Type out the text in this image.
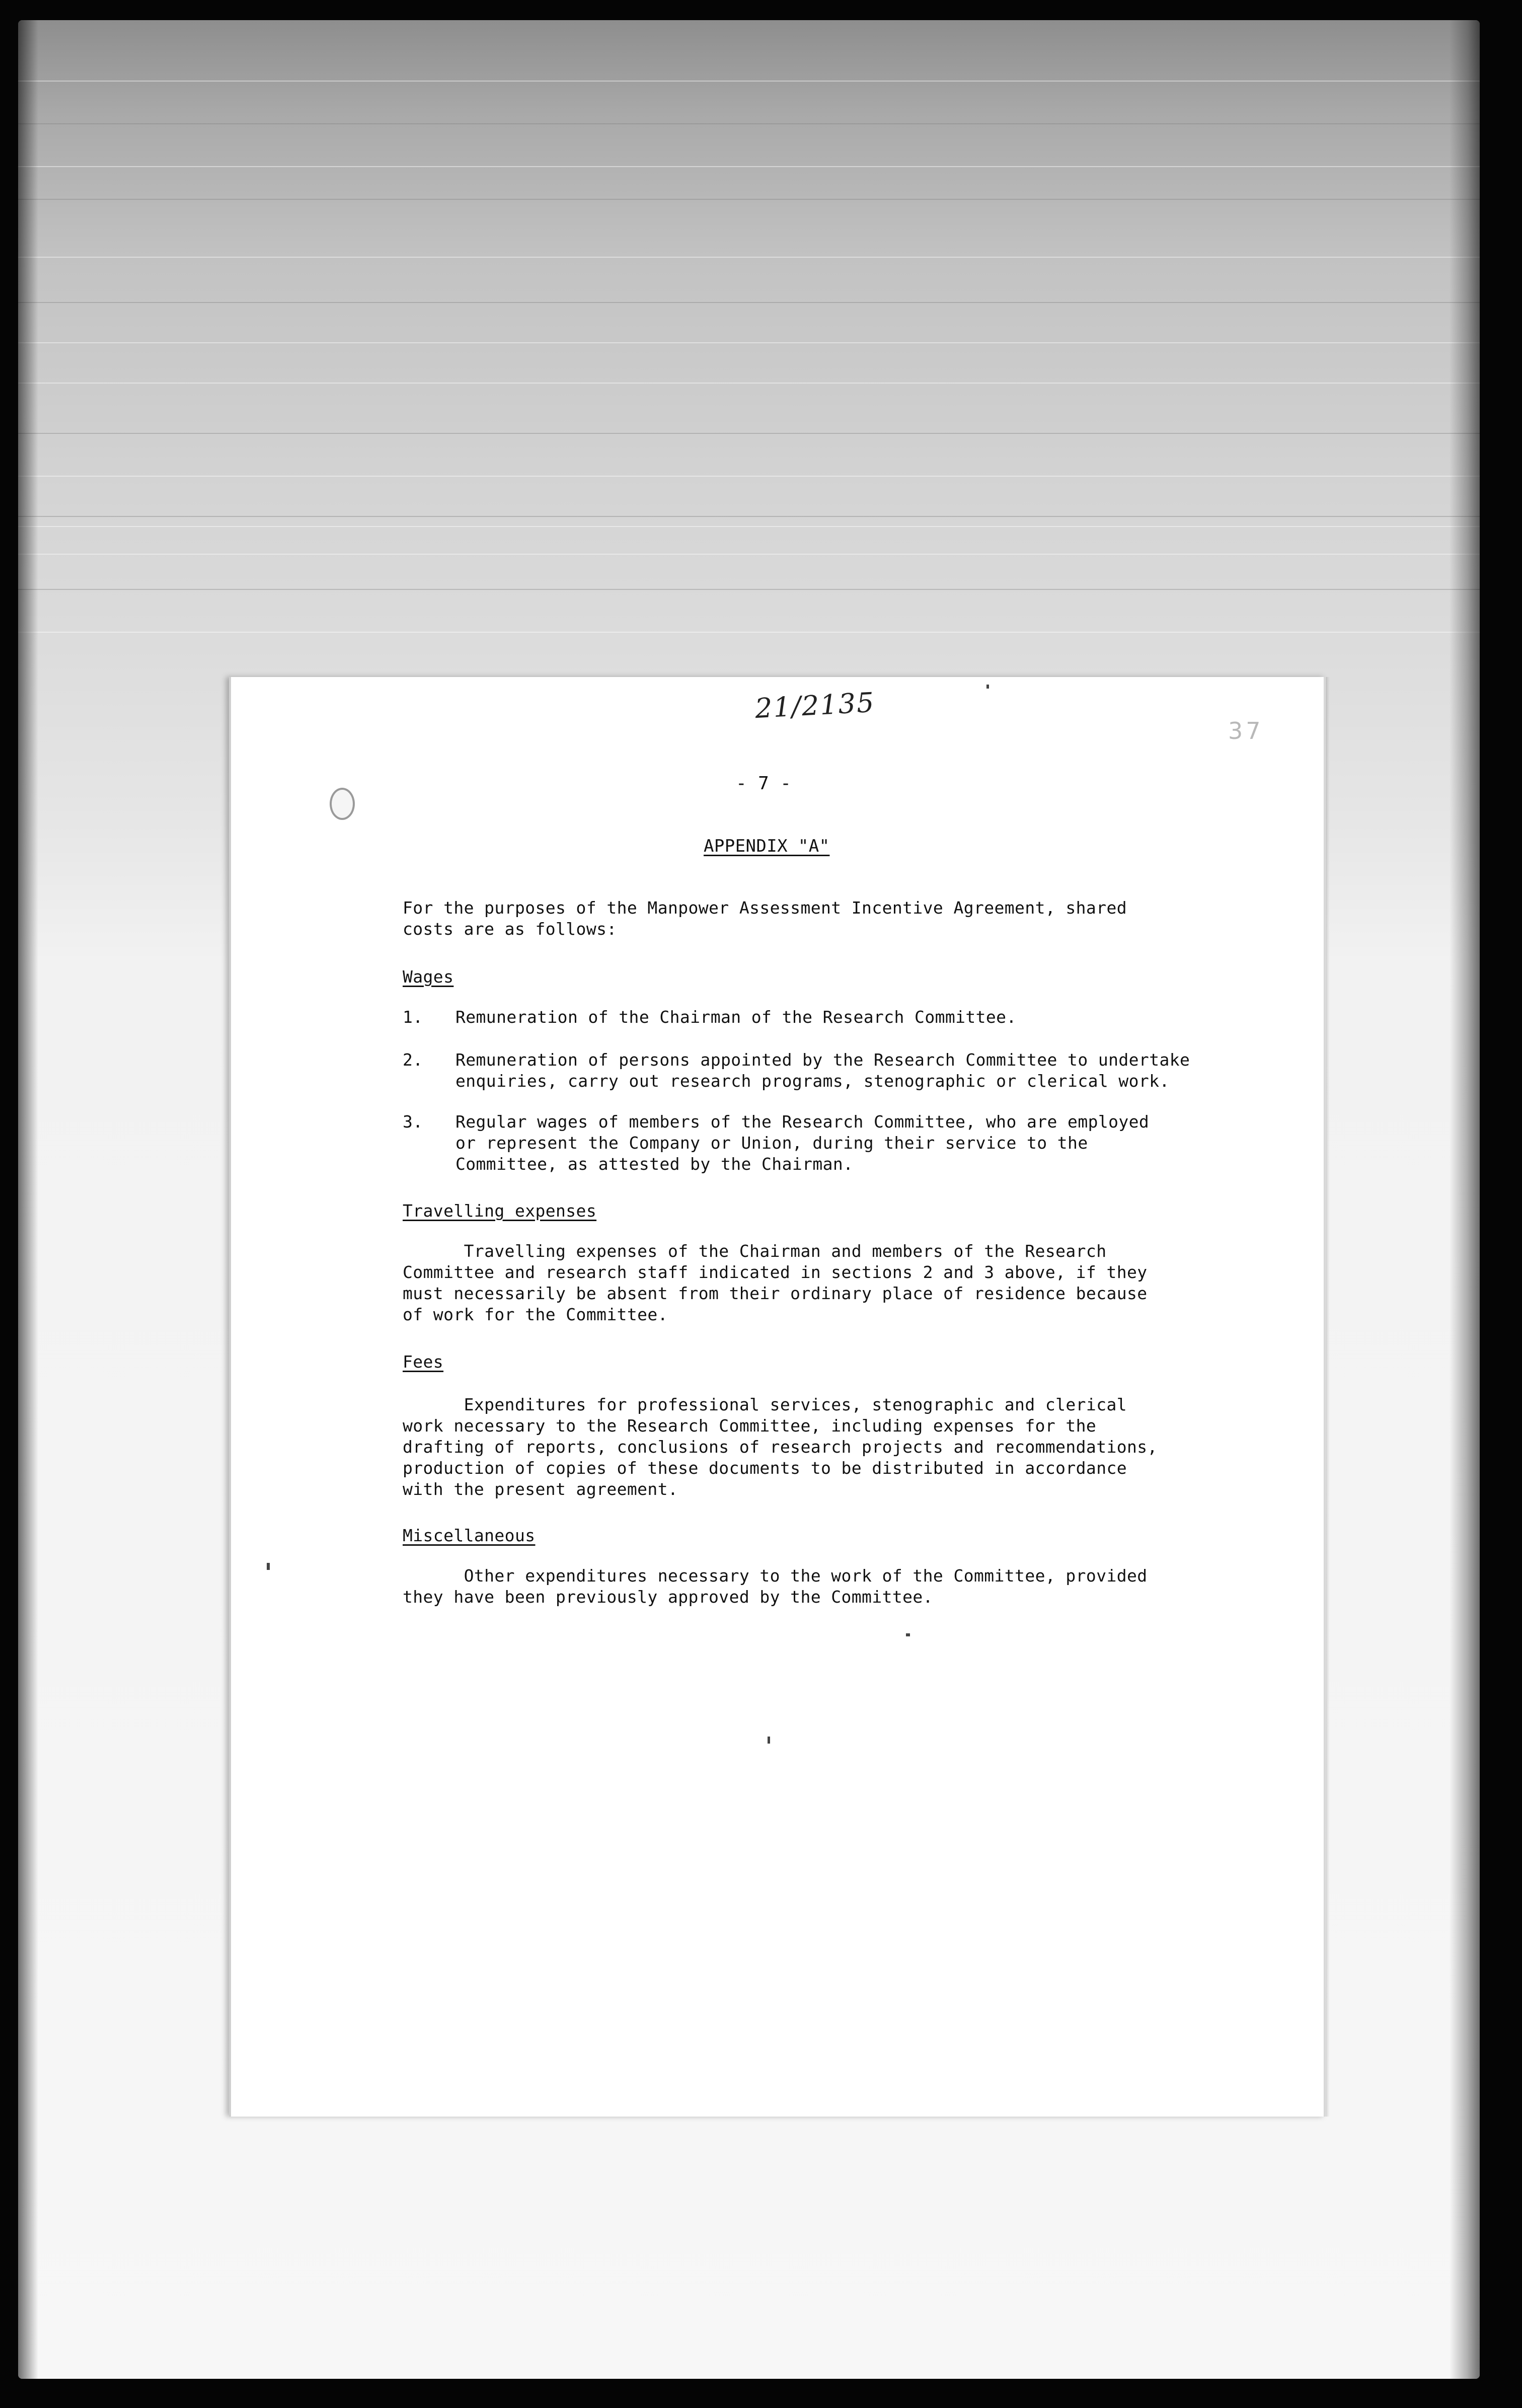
21/2135
37
- 7 -
APPENDIX "A"
For the purposes of the Manpower Assessment Incentive Agreement, shared
costs are as follows:
Wages
1. Remuneration of the Chairman of the Research Committee.
2. Remuneration of persons appointed by the Research Committee to undertake
enquiries, carry out research programs, stenographic or clerical work.
3. Regular wages of members of the Research Committee, who are employed
or represent the Company or Union, during their service to the
Committee, as attested by the Chairman.
Travelling expenses
Travelling expenses of the Chairman and members of the Research
Committee and research staff indicated in sections 2 and 3 above, if they
must necessarily be absent from their ordinary place of residence because
of work for the Committee.
Fees
Expenditures for professional services, stenographic and clerical
work necessary to the Research Committee, including expenses for the
drafting of reports, conclusions of research projects and recommendations,
production of copies of these documents to be distributed in accordance
with the present agreement.
Miscellaneous
Other expenditures necessary to the work of the Committee, provided
they have been previously approved by the Committee.
